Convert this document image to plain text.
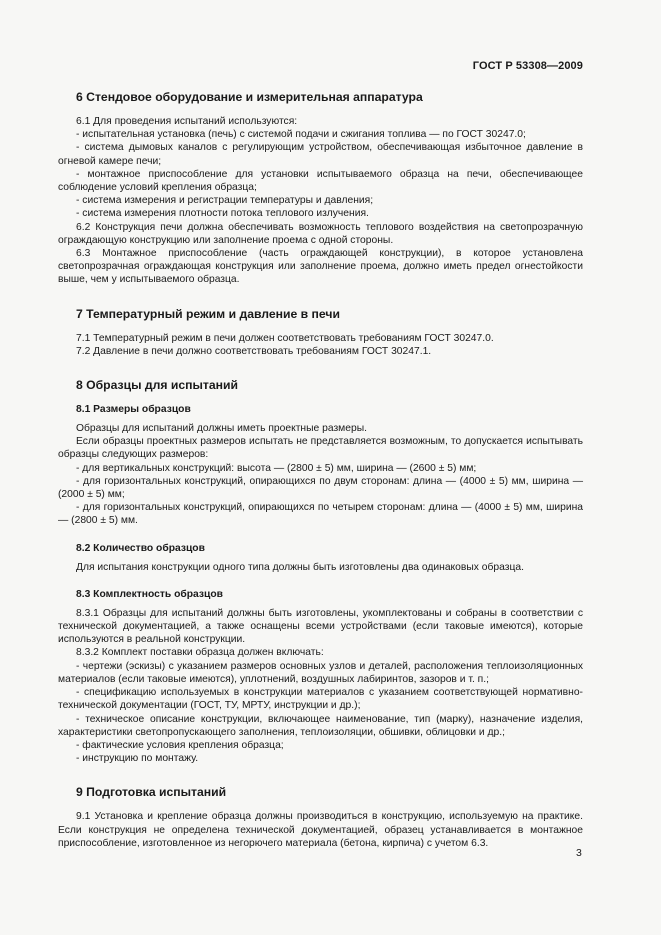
ГОСТ Р 53308—2009
6 Стендовое оборудование и измерительная аппаратура

6.1 Для проведения испытаний используются:

- испытательная установка (печь) с системой подачи и сжигания топлива — по ГОСТ 30247.0;

- система дымовых каналов с регулирующим устройством, обеспечивающая избыточное давление в огневой камере печи;

- монтажное приспособление для установки испытываемого образца на печи, обеспечивающее соблюдение условий крепления образца;

- система измерения и регистрации температуры и давления;

- система измерения плотности потока теплового излучения.

6.2 Конструкция печи должна обеспечивать возможность теплового воздействия на светопрозрачную ограждающую конструкцию или заполнение проема с одной стороны.

6.3 Монтажное приспособление (часть ограждающей конструкции), в которое установлена светопрозрачная ограждающая конструкция или заполнение проема, должно иметь предел огнестойкости выше, чем у испытываемого образца.

7 Температурный режим и давление в печи

7.1 Температурный режим в печи должен соответствовать требованиям ГОСТ 30247.0.

7.2 Давление в печи должно соответствовать требованиям ГОСТ 30247.1.

8 Образцы для испытаний
8.1 Размеры образцов

Образцы для испытаний должны иметь проектные размеры.

Если образцы проектных размеров испытать не представляется возможным, то допускается испытывать образцы следующих размеров:

- для вертикальных конструкций: высота — (2800 ± 5) мм, ширина — (2600 ± 5) мм;

- для горизонтальных конструкций, опирающихся по двум сторонам: длина — (4000 ± 5) мм, ширина — (2000 ± 5) мм;

- для горизонтальных конструкций, опирающихся по четырем сторонам: длина — (4000 ± 5) мм, ширина — (2800 ± 5) мм.

8.2 Количество образцов

Для испытания конструкции одного типа должны быть изготовлены два одинаковых образца.

8.3 Комплектность образцов

8.3.1 Образцы для испытаний должны быть изготовлены, укомплектованы и собраны в соответствии с технической документацией, а также оснащены всеми устройствами (если таковые имеются), которые используются в реальной конструкции.

8.3.2 Комплект поставки образца должен включать:

- чертежи (эскизы) с указанием размеров основных узлов и деталей, расположения теплоизоляционных материалов (если таковые имеются), уплотнений, воздушных лабиринтов, зазоров и т. п.;

- спецификацию используемых в конструкции материалов с указанием соответствующей нормативно-технической документации (ГОСТ, ТУ, МРТУ, инструкции и др.);

- техническое описание конструкции, включающее наименование, тип (марку), назначение изделия, характеристики светопропускающего заполнения, теплоизоляции, обшивки, облицовки и др.;

- фактические условия крепления образца;

- инструкцию по монтажу.

9 Подготовка испытаний

9.1 Установка и крепление образца должны производиться в конструкцию, используемую на практике. Если конструкция не определена технической документацией, образец устанавливается в монтажное приспособление, изготовленное из негорючего материала (бетона, кирпича) с учетом 6.3.

3
